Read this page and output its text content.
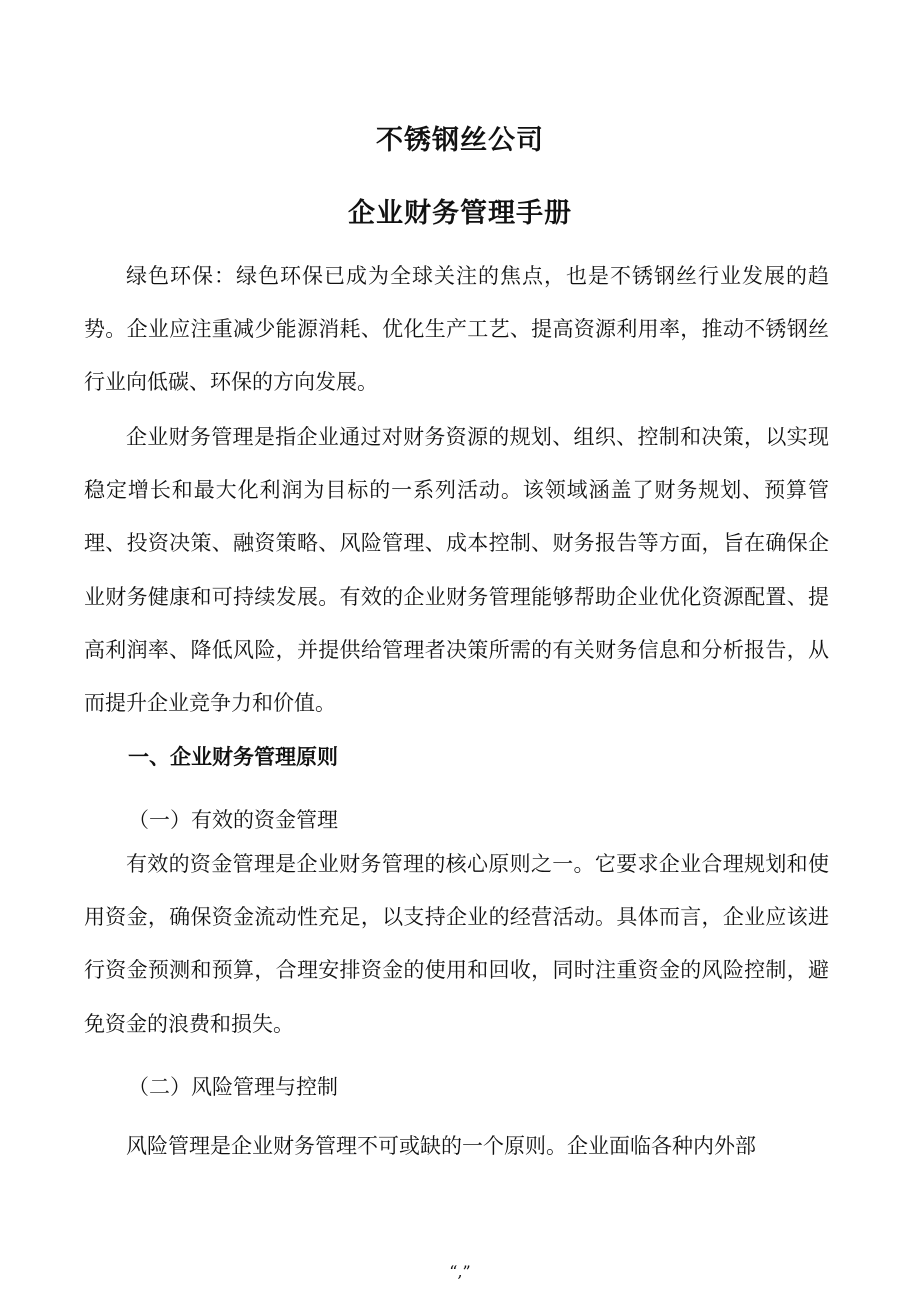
不锈钢丝公司
企业财务管理手册
绿色环保：绿色环保已成为全球关注的焦点，也是不锈钢丝行业发展的趋势。企业应注重减少能源消耗、优化生产工艺、提高资源利用率，推动不锈钢丝行业向低碳、环保的方向发展。
企业财务管理是指企业通过对财务资源的规划、组织、控制和决策，以实现稳定增长和最大化利润为目标的一系列活动。该领域涵盖了财务规划、预算管理、投资决策、融资策略、风险管理、成本控制、财务报告等方面，旨在确保企业财务健康和可持续发展。有效的企业财务管理能够帮助企业优化资源配置、提高利润率、降低风险，并提供给管理者决策所需的有关财务信息和分析报告，从而提升企业竞争力和价值。
一、企业财务管理原则
（一）有效的资金管理
有效的资金管理是企业财务管理的核心原则之一。它要求企业合理规划和使用资金，确保资金流动性充足，以支持企业的经营活动。具体而言，企业应该进行资金预测和预算，合理安排资金的使用和回收，同时注重资金的风险控制，避免资金的浪费和损失。
（二）风险管理与控制
风险管理是企业财务管理不可或缺的一个原则。企业面临各种内外部
“,”
